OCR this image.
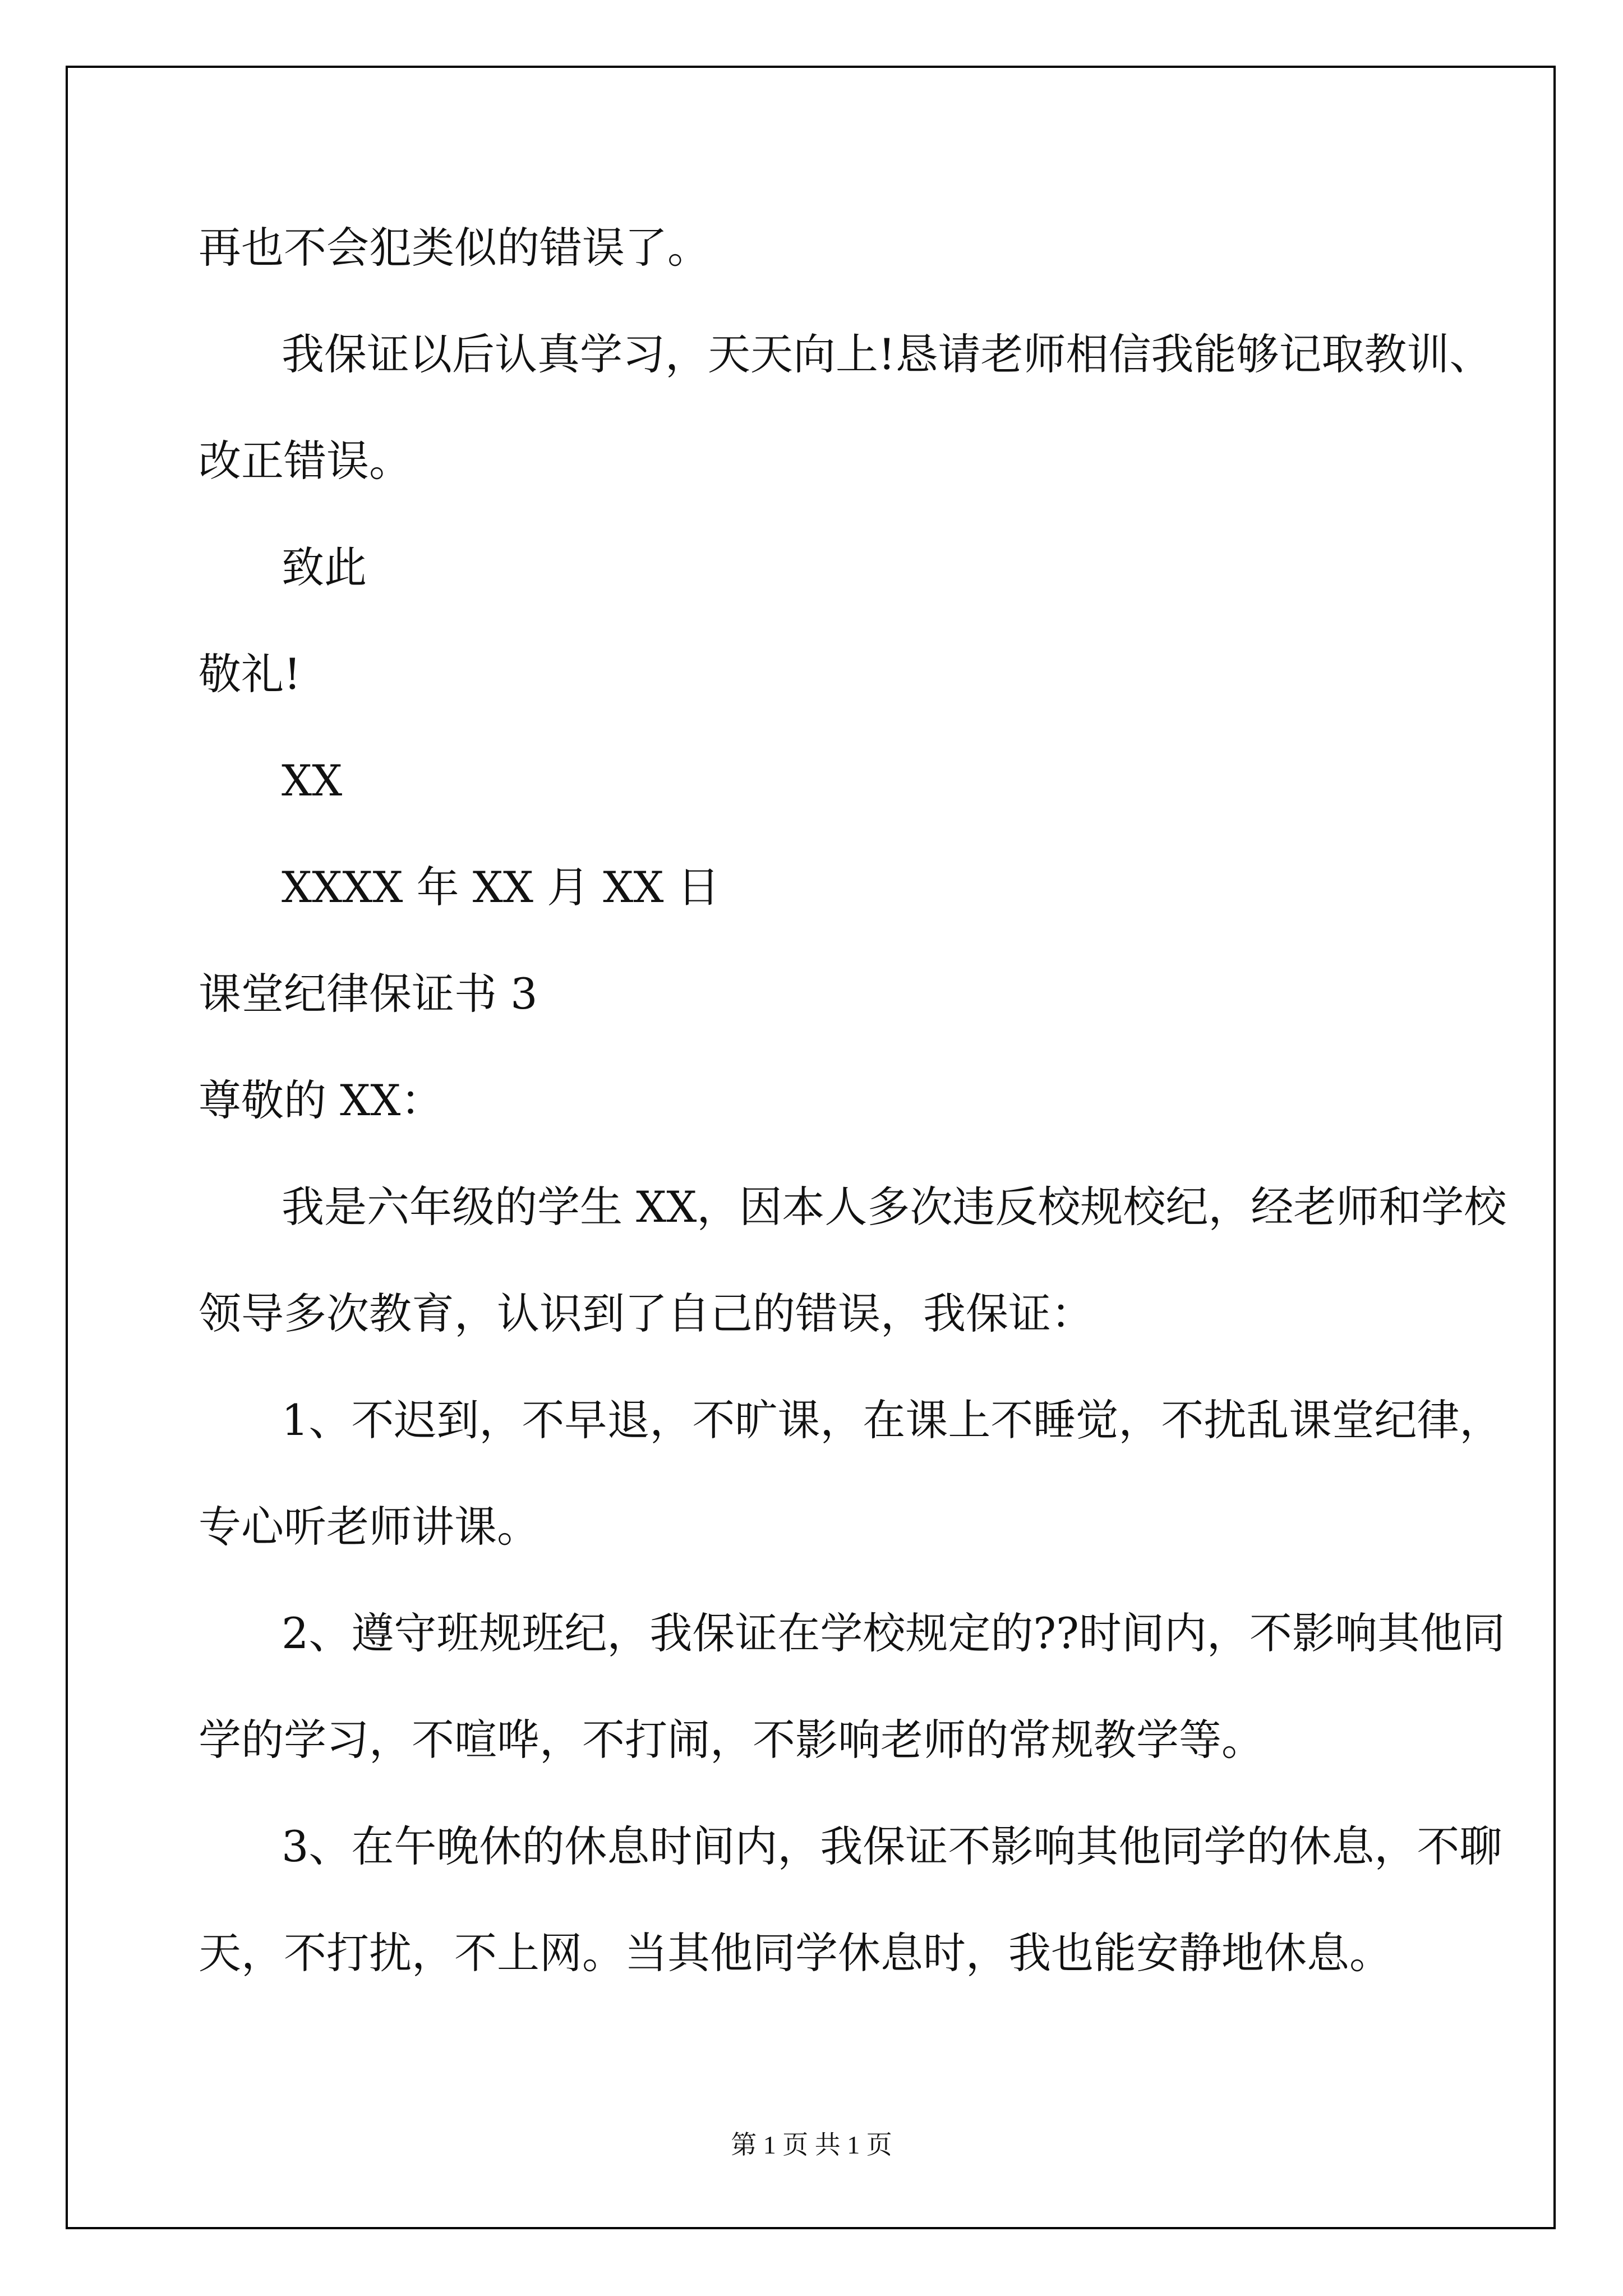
再也不会犯类似的错误了。
我保证以后认真学习，天天向上!恳请老师相信我能够记取教训、
改正错误。
致此
敬礼!
XX
XXXX 年 XX 月 XX 日
课堂纪律保证书 3
尊敬的 XX：
我是六年级的学生 XX，因本人多次违反校规校纪，经老师和学校
领导多次教育，认识到了自己的错误，我保证：
1、不迟到，不早退，不旷课，在课上不睡觉，不扰乱课堂纪律，
专心听老师讲课。
2、遵守班规班纪，我保证在学校规定的??时间内，不影响其他同
学的学习，不喧哗，不打闹，不影响老师的常规教学等。
3、在午晚休的休息时间内，我保证不影响其他同学的休息，不聊
天，不打扰，不上网。当其他同学休息时，我也能安静地休息。
第 1 页 共 1 页
